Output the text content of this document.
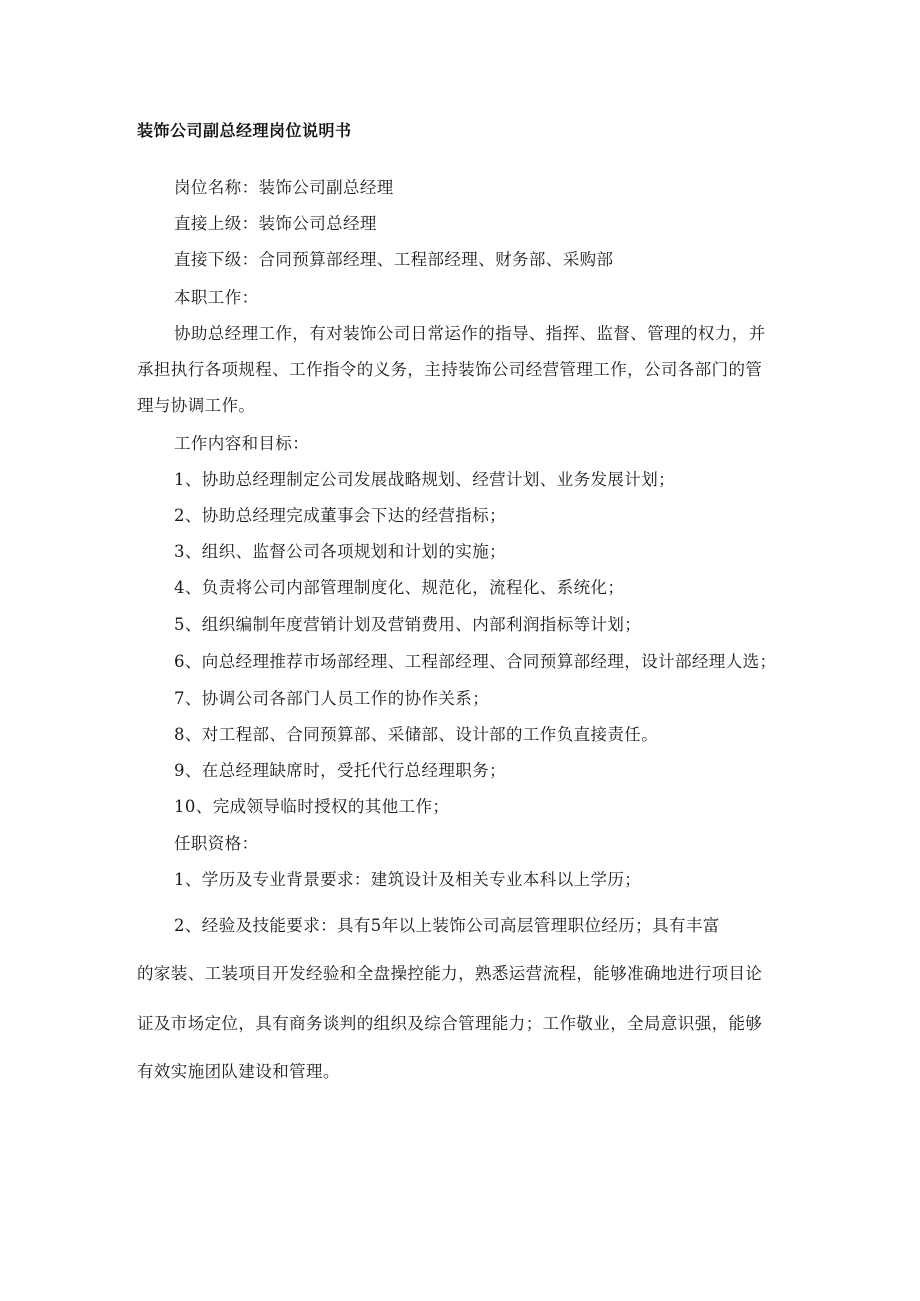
装饰公司副总经理岗位说明书
岗位名称：装饰公司副总经理
直接上级：装饰公司总经理
直接下级：合同预算部经理、工程部经理、财务部、采购部
本职工作：
协助总经理工作，有对装饰公司日常运作的指导、指挥、监督、管理的权力，并
承担执行各项规程、工作指令的义务，主持装饰公司经营管理工作，公司各部门的管
理与协调工作。
工作内容和目标：
1、协助总经理制定公司发展战略规划、经营计划、业务发展计划；
2、协助总经理完成董事会下达的经营指标；
3、组织、监督公司各项规划和计划的实施；
4、负责将公司内部管理制度化、规范化，流程化、系统化；
5、组织编制年度营销计划及营销费用、内部利润指标等计划；
6、向总经理推荐市场部经理、工程部经理、合同预算部经理，设计部经理人选；
7、协调公司各部门人员工作的协作关系；
8、对工程部、合同预算部、采储部、设计部的工作负直接责任。
9、在总经理缺席时，受托代行总经理职务；
10、完成领导临时授权的其他工作；
任职资格：
1、学历及专业背景要求：建筑设计及相关专业本科以上学历；
2、经验及技能要求：具有5年以上装饰公司高层管理职位经历；具有丰富
的家装、工装项目开发经验和全盘操控能力，熟悉运营流程，能够准确地进行项目论
证及市场定位，具有商务谈判的组织及综合管理能力；工作敬业，全局意识强，能够
有效实施团队建设和管理。
